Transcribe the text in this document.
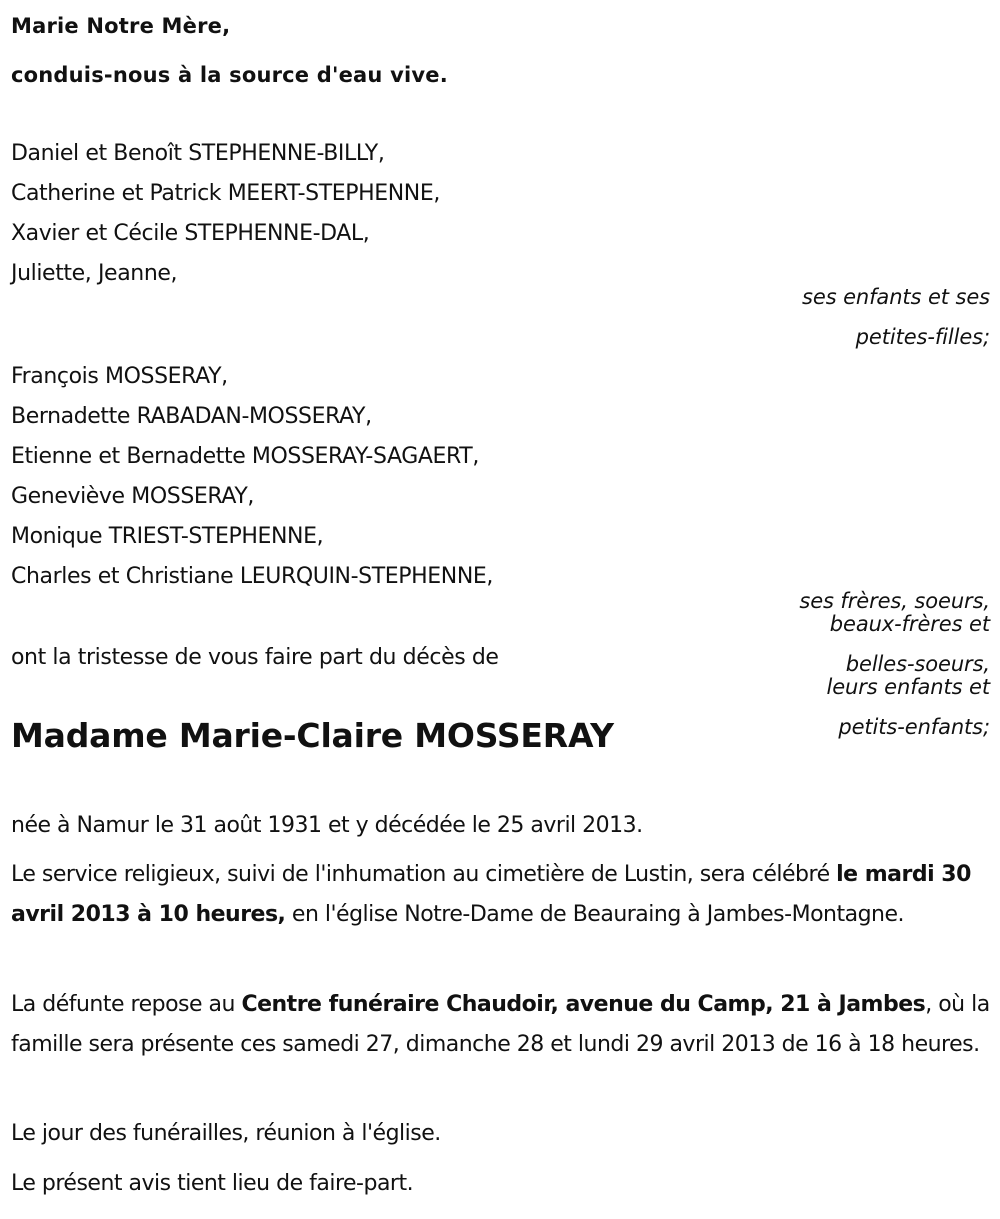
Marie Notre Mère,
conduis-nous à la source d'eau vive.
Daniel et Benoît STEPHENNE-BILLY,
Catherine et Patrick MEERT-STEPHENNE,
Xavier et Cécile STEPHENNE-DAL,
Juliette, Jeanne,
ses enfants et ses
petites-filles;
François MOSSERAY,
Bernadette RABADAN-MOSSERAY,
Etienne et Bernadette MOSSERAY-SAGAERT,
Geneviève MOSSERAY,
Monique TRIEST-STEPHENNE,
Charles et Christiane LEURQUIN-STEPHENNE,
ses frères, soeurs,
beaux-frères et
belles-soeurs,
leurs enfants et
petits-enfants;
ont la tristesse de vous faire part du décès de
Madame Marie-Claire MOSSERAY
née à Namur le 31 août 1931 et y décédée le 25 avril 2013.
Le service religieux, suivi de l'inhumation au cimetière de Lustin, sera célébré le mardi 30 avril 2013 à 10 heures, en l'église Notre-Dame de Beauraing à Jambes-Montagne.
La défunte repose au Centre funéraire Chaudoir, avenue du Camp, 21 à Jambes, où la famille sera présente ces samedi 27, dimanche 28 et lundi 29 avril 2013 de 16 à 18 heures.
Le jour des funérailles, réunion à l'église.
Le présent avis tient lieu de faire-part.
